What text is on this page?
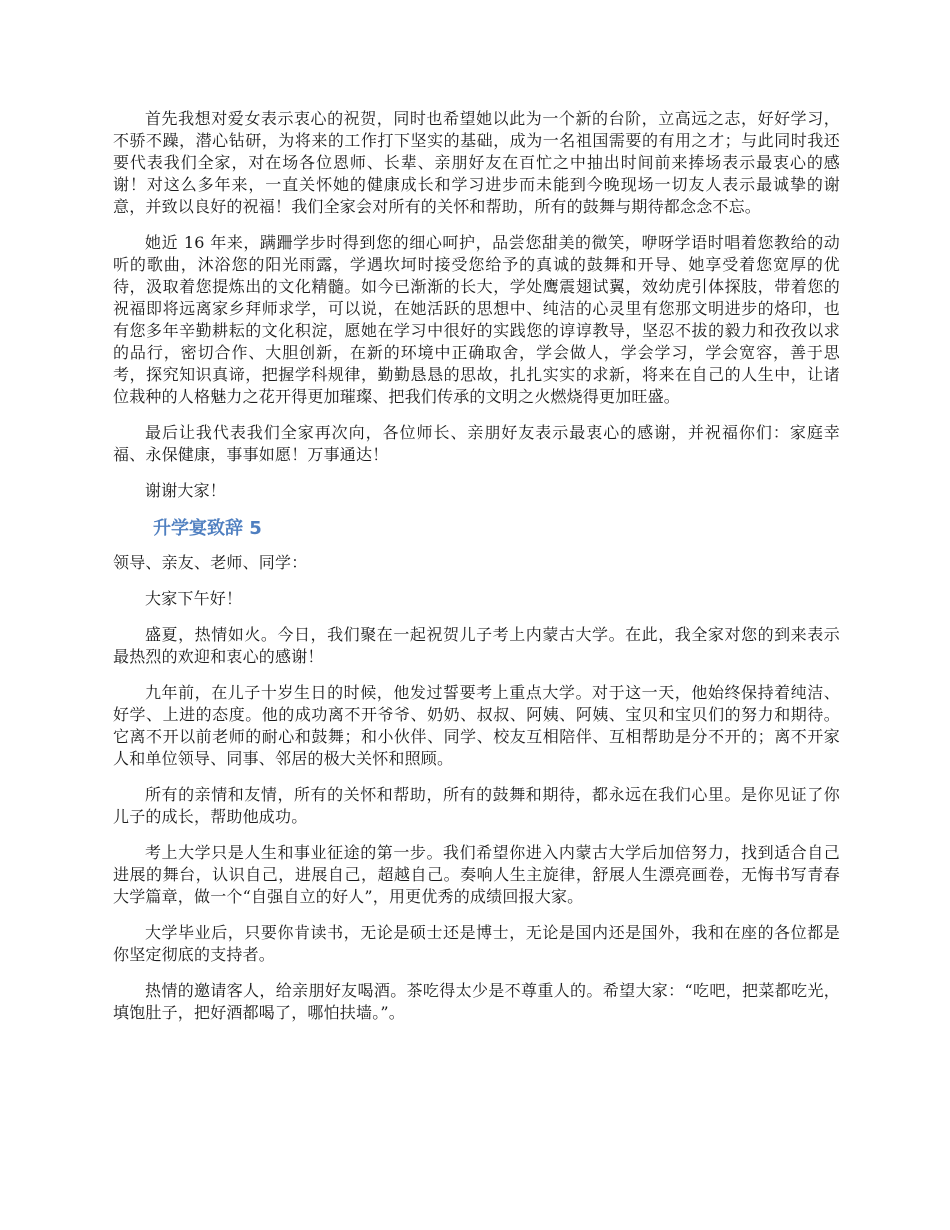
首先我想对爱女表示衷心的祝贺，同时也希望她以此为一个新的台阶，立高远之志，好好学习，不骄不躁，潜心钻研，为将来的工作打下坚实的基础，成为一名祖国需要的有用之才；与此同时我还要代表我们全家，对在场各位恩师、长辈、亲朋好友在百忙之中抽出时间前来捧场表示最衷心的感谢！对这么多年来，一直关怀她的健康成长和学习进步而未能到今晚现场一切友人表示最诚挚的谢意，并致以良好的祝福！我们全家会对所有的关怀和帮助，所有的鼓舞与期待都念念不忘。

她近 16 年来，蹒跚学步时得到您的细心呵护，品尝您甜美的微笑，咿呀学语时唱着您教给的动听的歌曲，沐浴您的阳光雨露，学遇坎坷时接受您给予的真诚的鼓舞和开导、她享受着您宽厚的优待，汲取着您提炼出的文化精髓。如今已渐渐的长大，学处鹰震翅试翼，效幼虎引体探肢，带着您的祝福即将远离家乡拜师求学，可以说，在她活跃的思想中、纯洁的心灵里有您那文明进步的烙印，也有您多年辛勤耕耘的文化积淀，愿她在学习中很好的实践您的谆谆教导，坚忍不拔的毅力和孜孜以求的品行，密切合作、大胆创新，在新的环境中正确取舍，学会做人，学会学习，学会宽容，善于思考，探究知识真谛，把握学科规律，勤勤恳恳的思故，扎扎实实的求新，将来在自己的人生中，让诸位栽种的人格魅力之花开得更加璀璨、把我们传承的文明之火燃烧得更加旺盛。

最后让我代表我们全家再次向，各位师长、亲朋好友表示最衷心的感谢，并祝福你们：家庭幸福、永保健康，事事如愿！万事通达！

谢谢大家！

升学宴致辞 5

领导、亲友、老师、同学：

大家下午好！

盛夏，热情如火。今日，我们聚在一起祝贺儿子考上内蒙古大学。在此，我全家对您的到来表示最热烈的欢迎和衷心的感谢！

九年前，在儿子十岁生日的时候，他发过誓要考上重点大学。对于这一天，他始终保持着纯洁、好学、上进的态度。他的成功离不开爷爷、奶奶、叔叔、阿姨、阿姨、宝贝和宝贝们的努力和期待。它离不开以前老师的耐心和鼓舞；和小伙伴、同学、校友互相陪伴、互相帮助是分不开的；离不开家人和单位领导、同事、邻居的极大关怀和照顾。

所有的亲情和友情，所有的关怀和帮助，所有的鼓舞和期待，都永远在我们心里。是你见证了你儿子的成长，帮助他成功。

考上大学只是人生和事业征途的第一步。我们希望你进入内蒙古大学后加倍努力，找到适合自己进展的舞台，认识自己，进展自己，超越自己。奏响人生主旋律，舒展人生漂亮画卷，无悔书写青春大学篇章，做一个“自强自立的好人”，用更优秀的成绩回报大家。

大学毕业后，只要你肯读书，无论是硕士还是博士，无论是国内还是国外，我和在座的各位都是你坚定彻底的支持者。

热情的邀请客人，给亲朋好友喝酒。茶吃得太少是不尊重人的。希望大家：“吃吧，把菜都吃光，填饱肚子，把好酒都喝了，哪怕扶墙。”。
